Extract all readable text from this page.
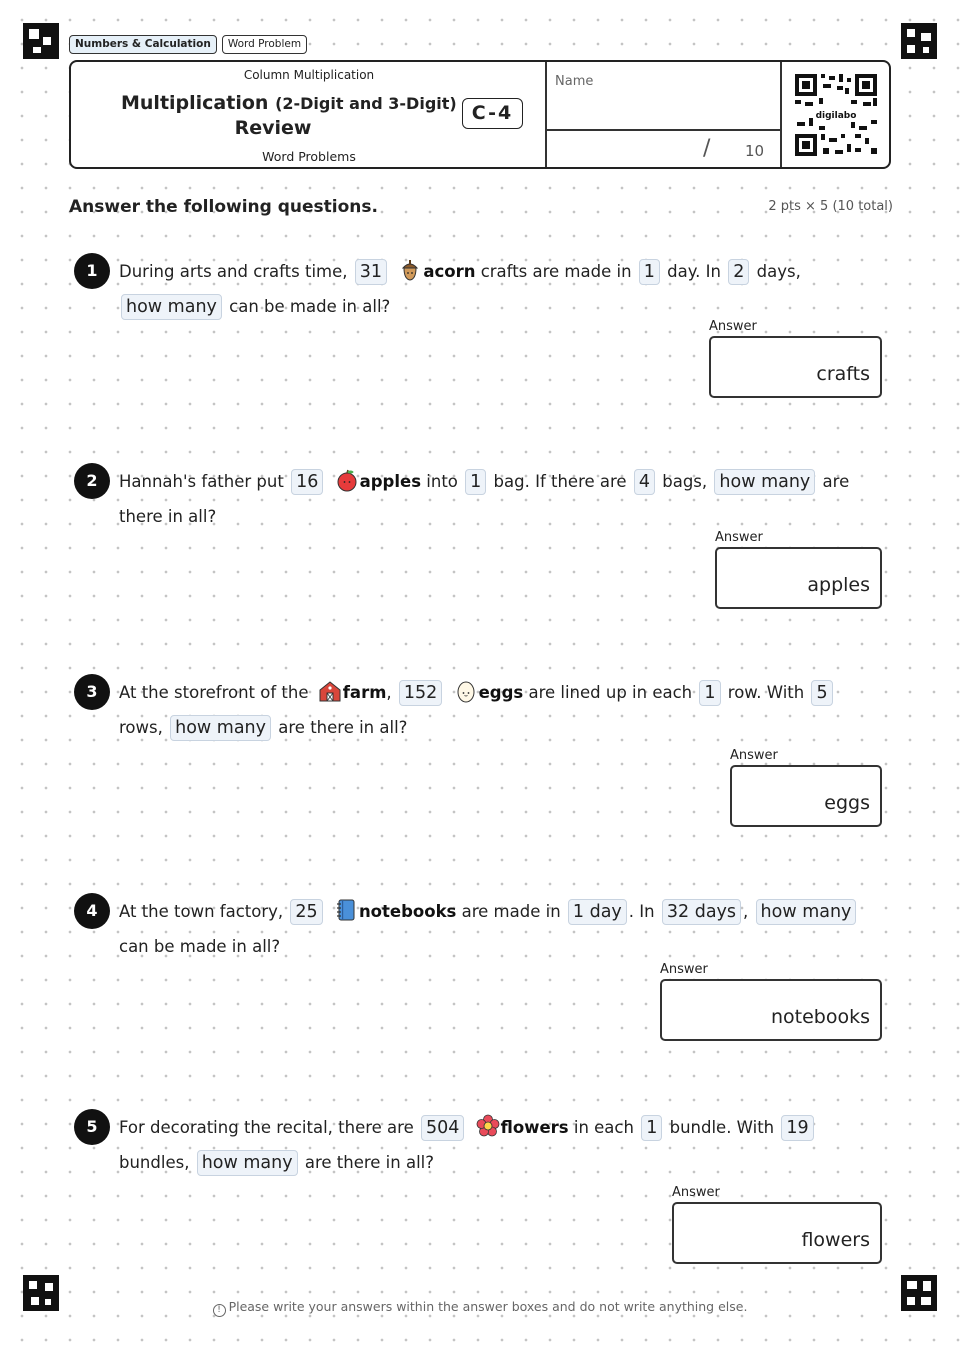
Numbers & Calculation	Word Problem
Column Multiplication
Multiplication (2-Digit and 3-Digit)
Review
Word Problems
C-4
Name
/ 10
digilabo
Answer the following questions.	2 pts × 5 (10 total)
1	During arts and crafts time, 31	acorn crafts are made in 1 day. In 2 days, how many can be made in all?
Answer
crafts
2	Hannah's father put 16	apples into 1 bag. If there are 4 bags, how many are there in all?
Answer
apples
3	At the storefront of the farm, 152	eggs are lined up in each 1 row. With 5 rows, how many are there in all?
Answer
eggs
4	At the town factory, 25	notebooks are made in 1 day . In 32 days , how many can be made in all?
Answer
notebooks
5	For decorating the recital, there are 504	flowers in each 1 bundle. With 19 bundles, how many are there in all?
Answer
flowers
! Please write your answers within the answer boxes and do not write anything else.
